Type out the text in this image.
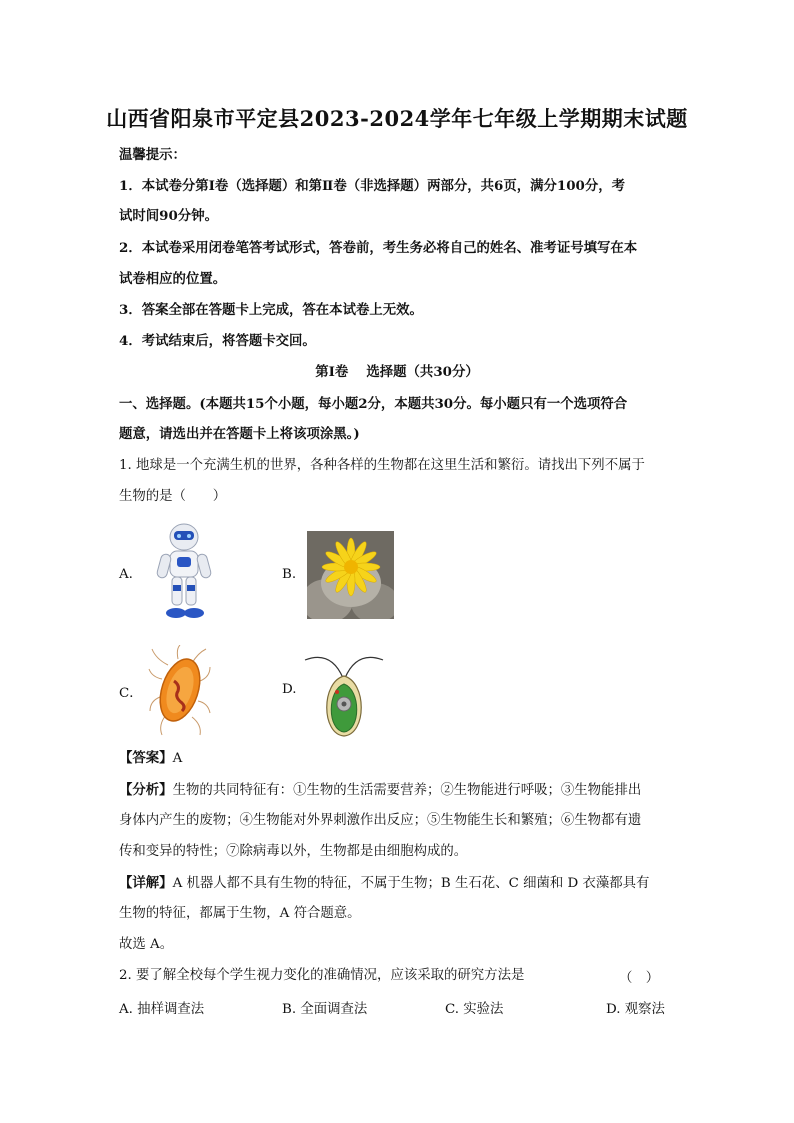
山西省阳泉市平定县2023-2024学年七年级上学期期末试题
温馨提示：
1．本试卷分第Ⅰ卷（选择题）和第Ⅱ卷（非选择题）两部分，共6页，满分100分，考
试时间90分钟。
2．本试卷采用闭卷笔答考试形式，答卷前，考生务必将自己的姓名、准考证号填写在本
试卷相应的位置。
3．答案全部在答题卡上完成，答在本试卷上无效。
4．考试结束后，将答题卡交回。
第Ⅰ卷　 选择题（共30分）
一、选择题。(本题共15个小题，每小题2分，本题共30分。每小题只有一个选项符合
题意，请选出并在答题卡上将该项涂黑。)
1. 地球是一个充满生机的世界，各种各样的生物都在这里生活和繁衍。请找出下列不属于
生物的是（　　）
A.	B.
C．	D.
【答案】A
【分析】生物的共同特征有：①生物的生活需要营养；②生物能进行呼吸；③生物能排出
身体内产生的废物；④生物能对外界刺激作出反应；⑤生物能生长和繁殖；⑥生物都有遗
传和变异的特性；⑦除病毒以外，生物都是由细胞构成的。
【详解】A 机器人都不具有生物的特征，不属于生物；B 生石花、C 细菌和 D 衣藻都具有
生物的特征，都属于生物，A 符合题意。
故选 A。
2. 要了解全校每个学生视力变化的准确情况，应该采取的研究方法是	（　）
A. 抽样调查法	B. 全面调查法	C. 实验法	D. 观察法
